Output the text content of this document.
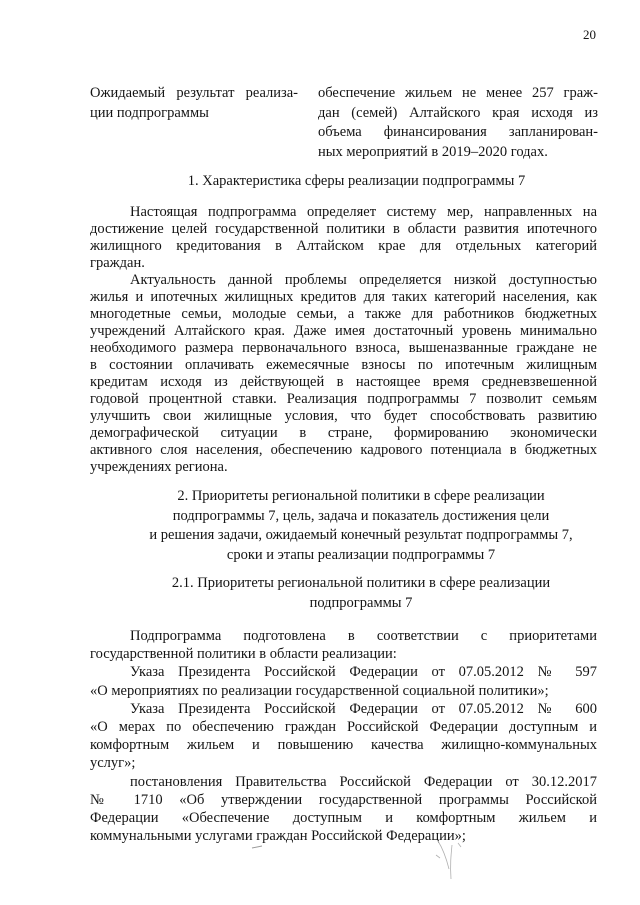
20
Ожидаемый результат реализа-
ции подпрограммы
обеспечение жильем не менее 257 граж-
дан (семей) Алтайского края исходя из
объема финансирования запланирован-
ных мероприятий в 2019–2020 годах.
1. Характеристика сферы реализации подпрограммы 7
Настоящая подпрограмма определяет систему мер, направленных на
достижение целей государственной политики в области развития ипотечного
жилищного кредитования в Алтайском крае для отдельных категорий
граждан.
Актуальность данной проблемы определяется низкой доступностью
жилья и ипотечных жилищных кредитов для таких категорий населения, как
многодетные семьи, молодые семьи, а также для работников бюджетных
учреждений Алтайского края. Даже имея достаточный уровень минимально
необходимого размера первоначального взноса, вышеназванные граждане не
в состоянии оплачивать ежемесячные взносы по ипотечным жилищным
кредитам исходя из действующей в настоящее время средневзвешенной
годовой процентной ставки. Реализация подпрограммы 7 позволит семьям
улучшить свои жилищные условия, что будет способствовать развитию
демографической ситуации в стране, формированию экономически
активного слоя населения, обеспечению кадрового потенциала в бюджетных
учреждениях региона.
2. Приоритеты региональной политики в сфере реализации
подпрограммы 7, цель, задача и показатель достижения цели
и решения задачи, ожидаемый конечный результат подпрограммы 7,
сроки и этапы реализации подпрограммы 7
2.1. Приоритеты региональной политики в сфере реализации
подпрограммы 7
Подпрограмма подготовлена в соответствии с приоритетами
государственной политики в области реализации:
Указа Президента Российской Федерации от 07.05.2012 № 597
«О мероприятиях по реализации государственной социальной политики»;
Указа Президента Российской Федерации от 07.05.2012 № 600
«О мерах по обеспечению граждан Российской Федерации доступным и
комфортным жильем и повышению качества жилищно-коммунальных
услуг»;
постановления Правительства Российской Федерации от 30.12.2017
№ 1710 «Об утверждении государственной программы Российской
Федерации «Обеспечение доступным и комфортным жильем и
коммунальными услугами граждан Российской Федерации»;
